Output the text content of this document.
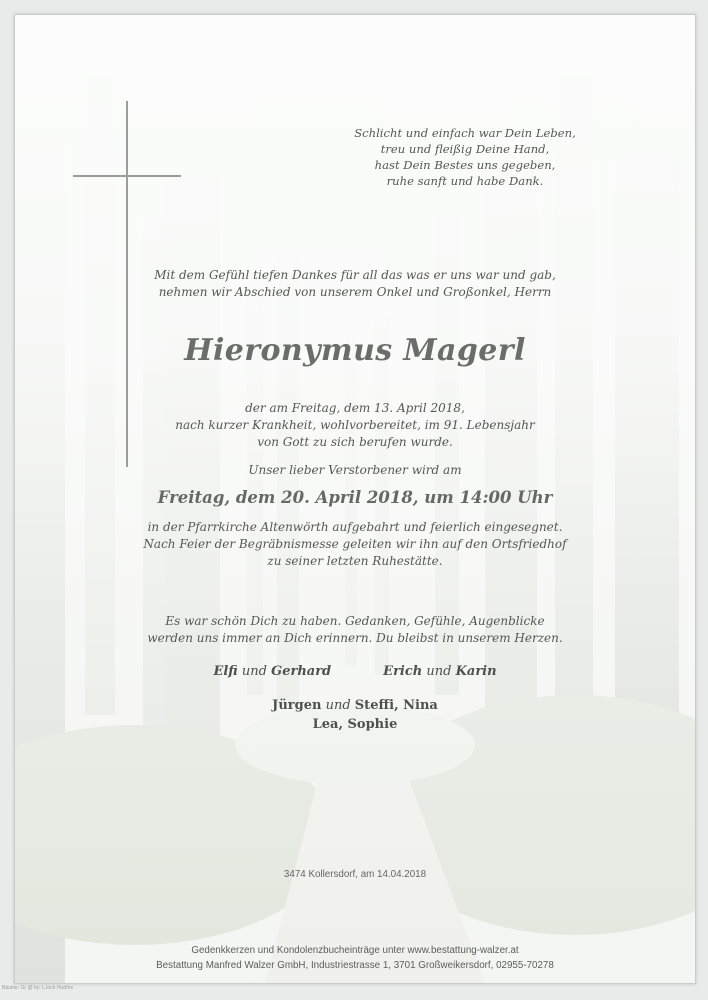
Schlicht und einfach war Dein Leben,
treu und fleißig Deine Hand,
hast Dein Bestes uns gegeben,
ruhe sanft und habe Dank.
Mit dem Gefühl tiefen Dankes für all das was er uns war und gab,
nehmen wir Abschied von unserem Onkel und Großonkel, Herrn
Hieronymus Magerl
der am Freitag, dem 13. April 2018,
nach kurzer Krankheit, wohlvorbereitet, im 91. Lebensjahr
von Gott zu sich berufen wurde.
Unser lieber Verstorbener wird am
Freitag, dem 20. April 2018, um 14:00 Uhr
in der Pfarrkirche Altenwörth aufgebahrt und feierlich eingesegnet.
Nach Feier der Begräbnismesse geleiten wir ihn auf den Ortsfriedhof
zu seiner letzten Ruhestätte.
Es war schön Dich zu haben. Gedanken, Gefühle, Augenblicke
werden uns immer an Dich erinnern. Du bleibst in unserem Herzen.
Elfi und Gerhard	Erich und Karin
Jürgen und Steffi, Nina
Lea, Sophie
3474 Kollersdorf, am 14.04.2018
Gedenkkerzen und Kondolenzbucheinträge unter www.bestattung-walzer.at
Bestattung Manfred Walzer GmbH, Industriestrasse 1, 3701 Großweikersdorf, 02955-70278
Bäume: Gr @ by: L.loch Hudrhs
